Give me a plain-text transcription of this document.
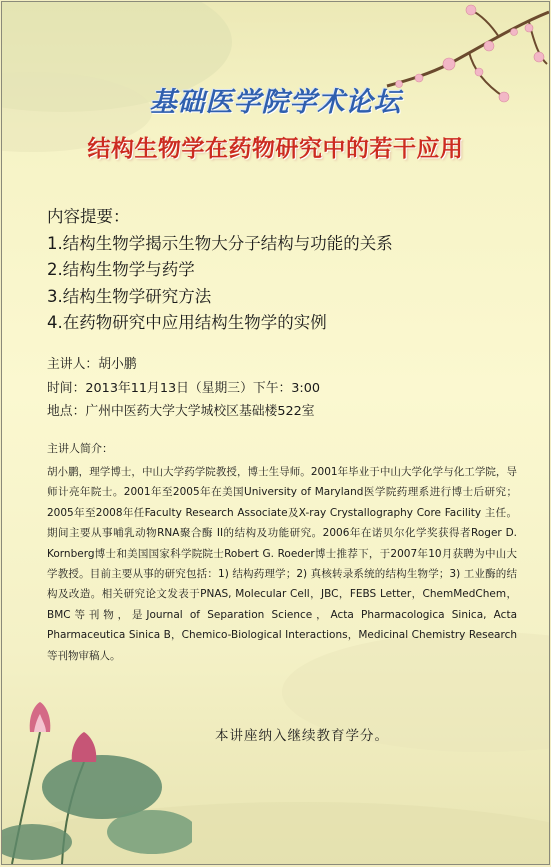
基础医学院学术论坛
结构生物学在药物研究中的若干应用
内容提要：
1.结构生物学揭示生物大分子结构与功能的关系
2.结构生物学与药学
3.结构生物学研究方法
4.在药物研究中应用结构生物学的实例
主讲人：胡小鹏
时间：2013年11月13日（星期三）下午：3:00
地点：广州中医药大学大学城校区基础楼522室
主讲人简介：
胡小鹏，理学博士，中山大学药学院教授，博士生导师。2001年毕业于中山大学化学与化工学院，导师计亮年院士。2001年至2005年在美国University of Maryland医学院药理系进行博士后研究；2005年至2008年任Faculty Research Associate及X-ray Crystallography Core Facility 主任。期间主要从事哺乳动物RNA聚合酶 II的结构及功能研究。2006年在诺贝尔化学奖获得者Roger D. Kornberg博士和美国国家科学院院士Robert G. Roeder博士推荐下，于2007年10月获聘为中山大学教授。目前主要从事的研究包括：1) 结构药理学；2) 真核转录系统的结构生物学；3) 工业酶的结构及改造。相关研究论文发表于PNAS, Molecular Cell，JBC，FEBS Letter，ChemMedChem，BMC等刊物，是Journal of Separation Science，Acta Pharmacologica Sinica, Acta Pharmaceutica Sinica B，Chemico-Biological Interactions，Medicinal Chemistry Research等刊物审稿人。
本讲座纳入继续教育学分。
